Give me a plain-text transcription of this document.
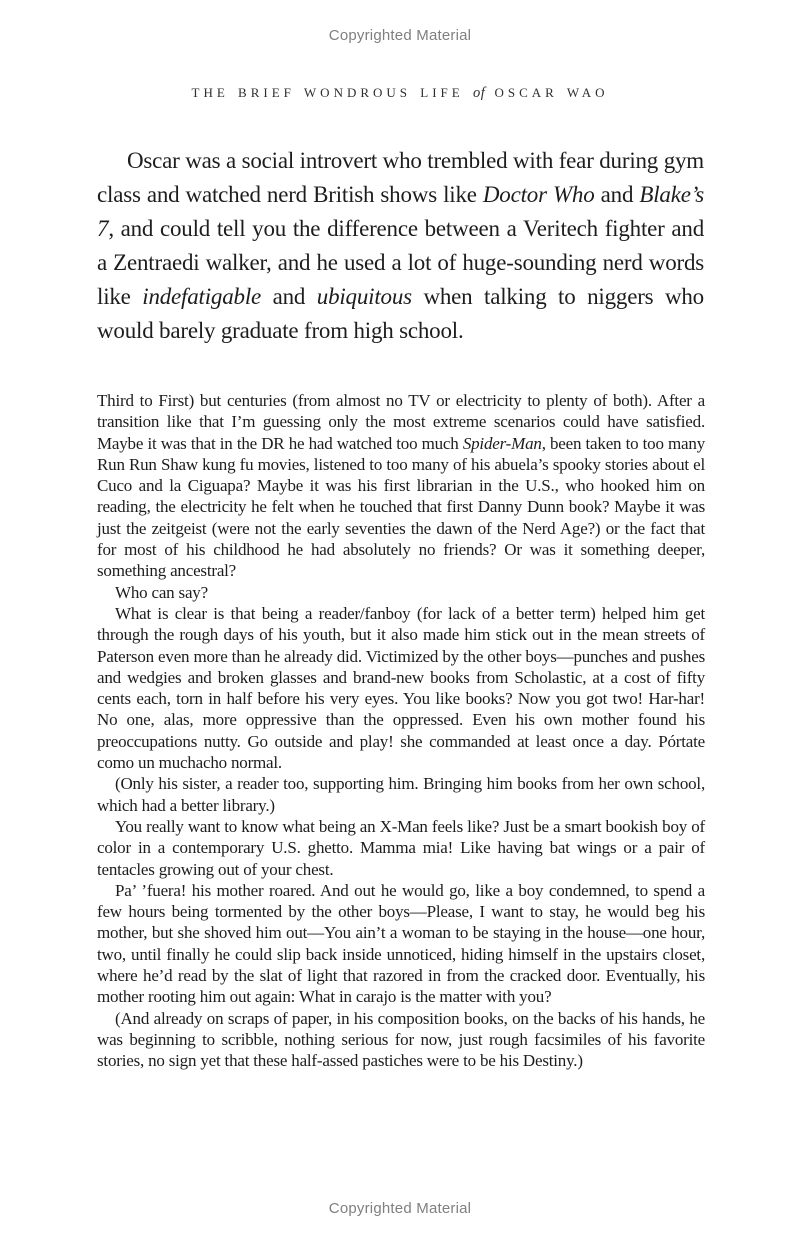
Copyrighted Material
THE BRIEF WONDROUS LIFE of OSCAR WAO

Oscar was a social introvert who trembled with fear during gym class and watched nerd British shows like Doctor Who and Blake’s 7, and could tell you the difference between a Veritech fighter and a Zentraedi walker, and he used a lot of huge-sounding nerd words like indefatigable and ubiquitous when talking to niggers who would barely graduate from high school.

Third to First) but centuries (from almost no TV or electricity to plenty of both). After a transition like that I’m guessing only the most extreme scenarios could have satisfied. Maybe it was that in the DR he had watched too much Spider-Man, been taken to too many Run Run Shaw kung fu movies, listened to too many of his abuela’s spooky stories about el Cuco and la Ciguapa? Maybe it was his first librarian in the U.S., who hooked him on reading, the electricity he felt when he touched that first Danny Dunn book? Maybe it was just the zeitgeist (were not the early seventies the dawn of the Nerd Age?) or the fact that for most of his childhood he had absolutely no friends? Or was it something deeper, something ancestral?

Who can say?

What is clear is that being a reader/fanboy (for lack of a better term) helped him get through the rough days of his youth, but it also made him stick out in the mean streets of Paterson even more than he already did. Victimized by the other boys—punches and pushes and wedgies and broken glasses and brand-new books from Scholastic, at a cost of fifty cents each, torn in half before his very eyes. You like books? Now you got two! Har-har! No one, alas, more oppressive than the oppressed. Even his own mother found his preoccupations nutty. Go outside and play! she commanded at least once a day. Pórtate como un muchacho normal.

(Only his sister, a reader too, supporting him. Bringing him books from her own school, which had a better library.)

You really want to know what being an X-Man feels like? Just be a smart bookish boy of color in a contemporary U.S. ghetto. Mamma mia! Like having bat wings or a pair of tentacles growing out of your chest.

Pa’ ’fuera! his mother roared. And out he would go, like a boy condemned, to spend a few hours being tormented by the other boys—Please, I want to stay, he would beg his mother, but she shoved him out—You ain’t a woman to be staying in the house—one hour, two, until finally he could slip back inside unnoticed, hiding himself in the upstairs closet, where he’d read by the slat of light that razored in from the cracked door. Eventually, his mother rooting him out again: What in carajo is the matter with you?

(And already on scraps of paper, in his composition books, on the backs of his hands, he was beginning to scribble, nothing serious for now, just rough facsimiles of his favorite stories, no sign yet that these half-assed pastiches were to be his Destiny.)

Copyrighted Material
